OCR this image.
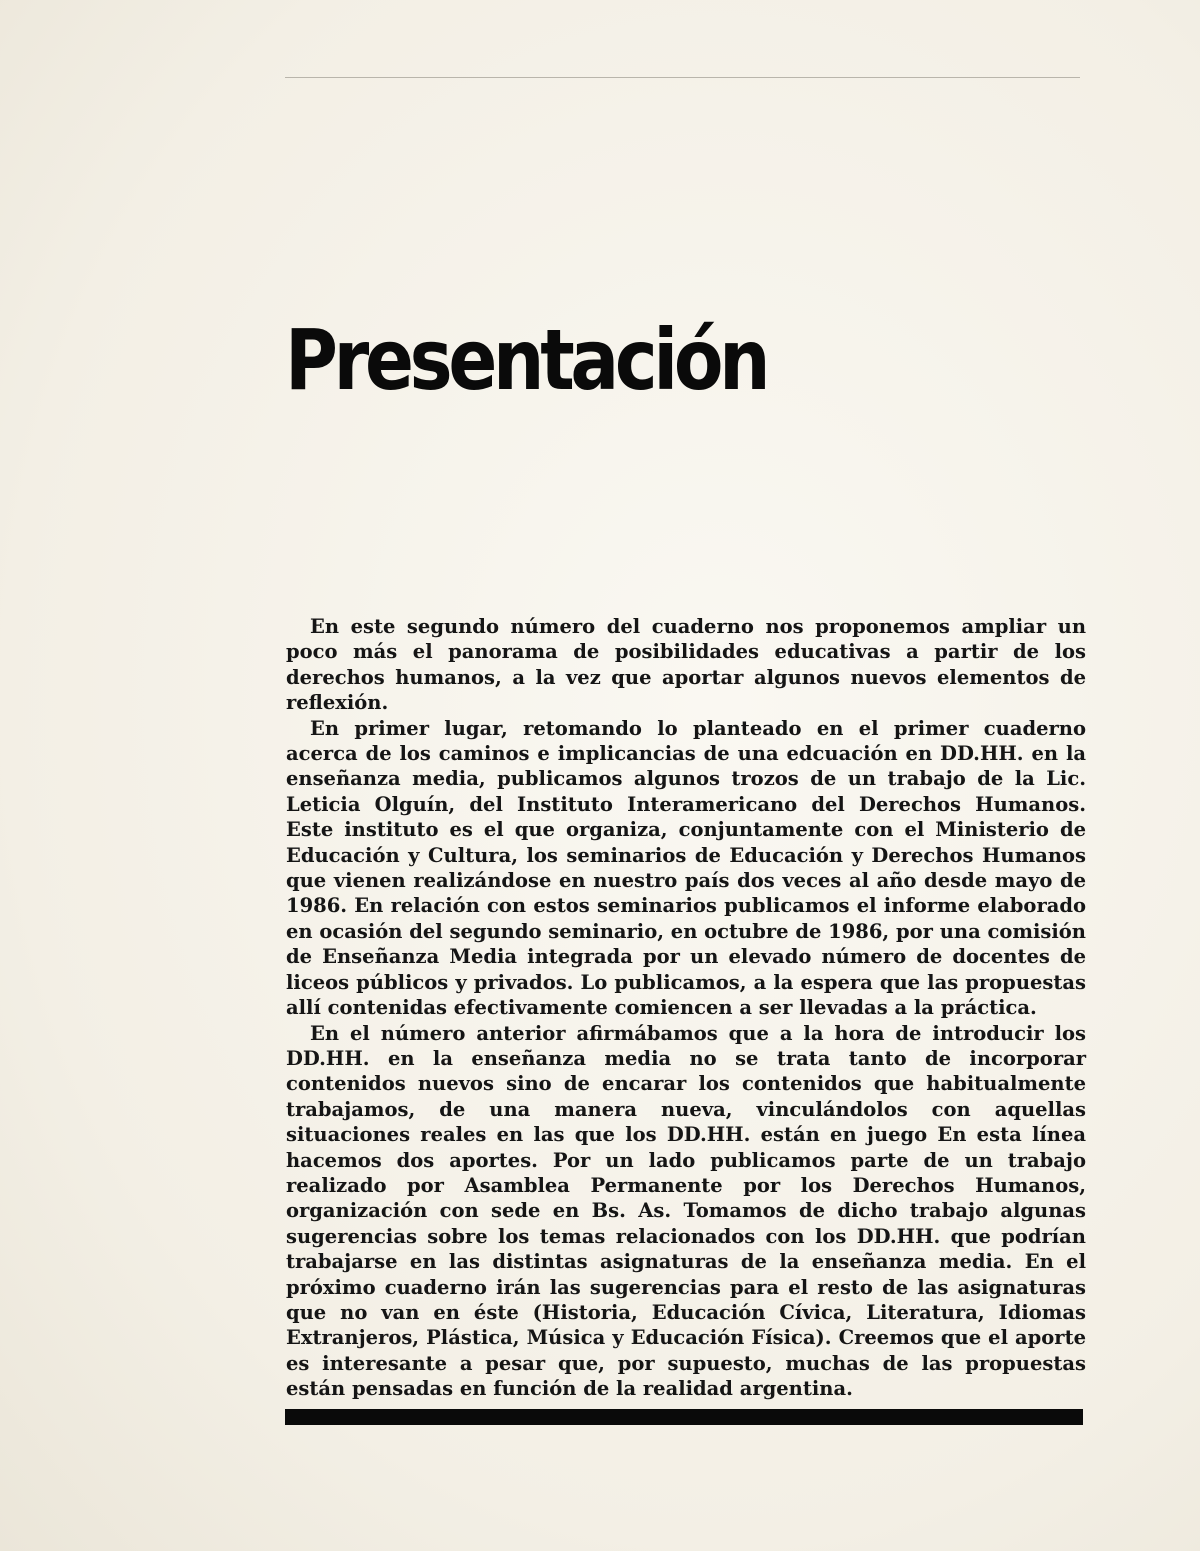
Presentación

En este segundo número del cuaderno nos proponemos ampliar un poco más el panorama de posibilidades educativas a partir de los derechos humanos, a la vez que aportar algunos nuevos elementos de reflexión.

En primer lugar, retomando lo planteado en el primer cuaderno acerca de los caminos e implicancias de una edcuación en DD.HH. en la enseñanza media, publicamos algunos trozos de un trabajo de la Lic. Leticia Olguín, del Instituto Interamericano del Derechos Humanos. Este instituto es el que organiza, conjuntamente con el Ministerio de Educación y Cultura, los seminarios de Educación y Derechos Humanos que vienen realizándose en nuestro país dos veces al año desde mayo de 1986. En relación con estos seminarios publicamos el informe elaborado en ocasión del segundo seminario, en octubre de 1986, por una comisión de Enseñanza Media integrada por un elevado número de docentes de liceos públicos y privados. Lo publicamos, a la espera que las propuestas allí contenidas efectivamente comiencen a ser llevadas a la práctica.

En el número anterior afirmábamos que a la hora de introducir los DD.HH. en la enseñanza media no se trata tanto de incorporar contenidos nuevos sino de encarar los contenidos que habitualmente trabajamos, de una manera nueva, vinculándolos con aquellas situaciones reales en las que los DD.HH. están en juego En esta línea hacemos dos aportes. Por un lado publicamos parte de un trabajo realizado por Asamblea Permanente por los Derechos Humanos, organización con sede en Bs. As. Tomamos de dicho trabajo algunas sugerencias sobre los temas relacionados con los DD.HH. que podrían trabajarse en las distintas asignaturas de la enseñanza media. En el próximo cuaderno irán las sugerencias para el resto de las asignaturas que no van en éste (Historia, Educación Cívica, Literatura, Idiomas Extranjeros, Plástica, Música y Educación Física). Creemos que el aporte es interesante a pesar que, por supuesto, muchas de las propuestas están pensadas en función de la realidad argentina.
